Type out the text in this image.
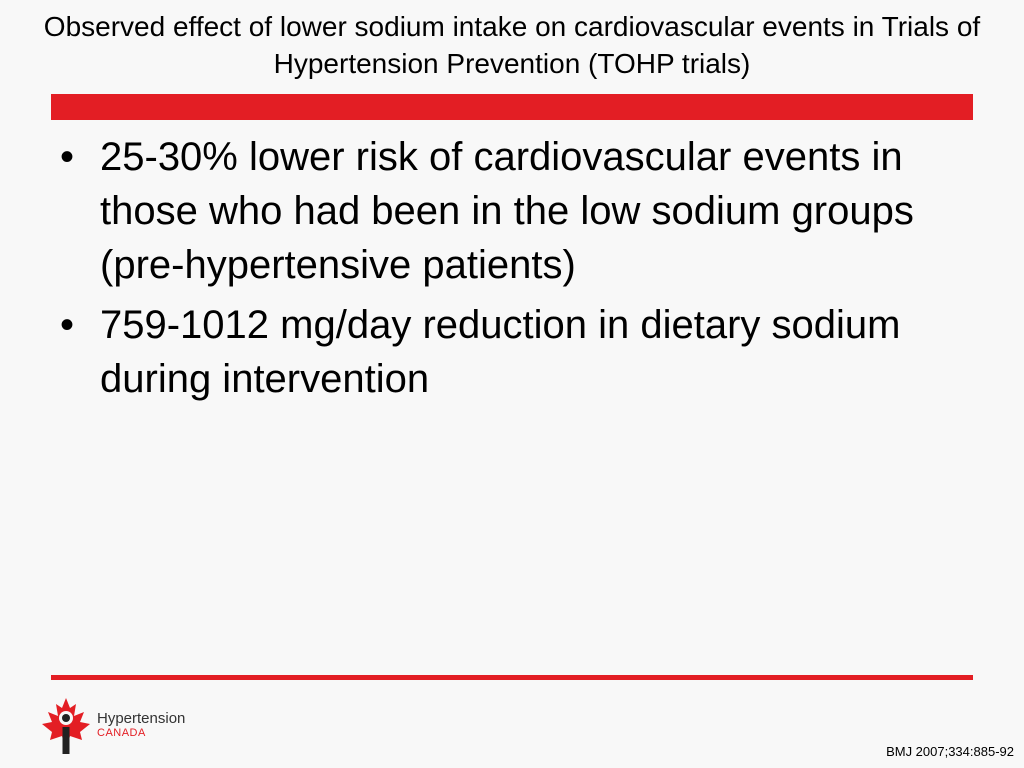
Observed effect of lower sodium intake on cardiovascular events in Trials of Hypertension Prevention (TOHP trials)
• 25-30% lower risk of cardiovascular events in those who had been in the low sodium groups (pre-hypertensive patients)
• 759-1012 mg/day reduction in dietary sodium during intervention
Hypertension
CANADA
BMJ 2007;334:885-92
